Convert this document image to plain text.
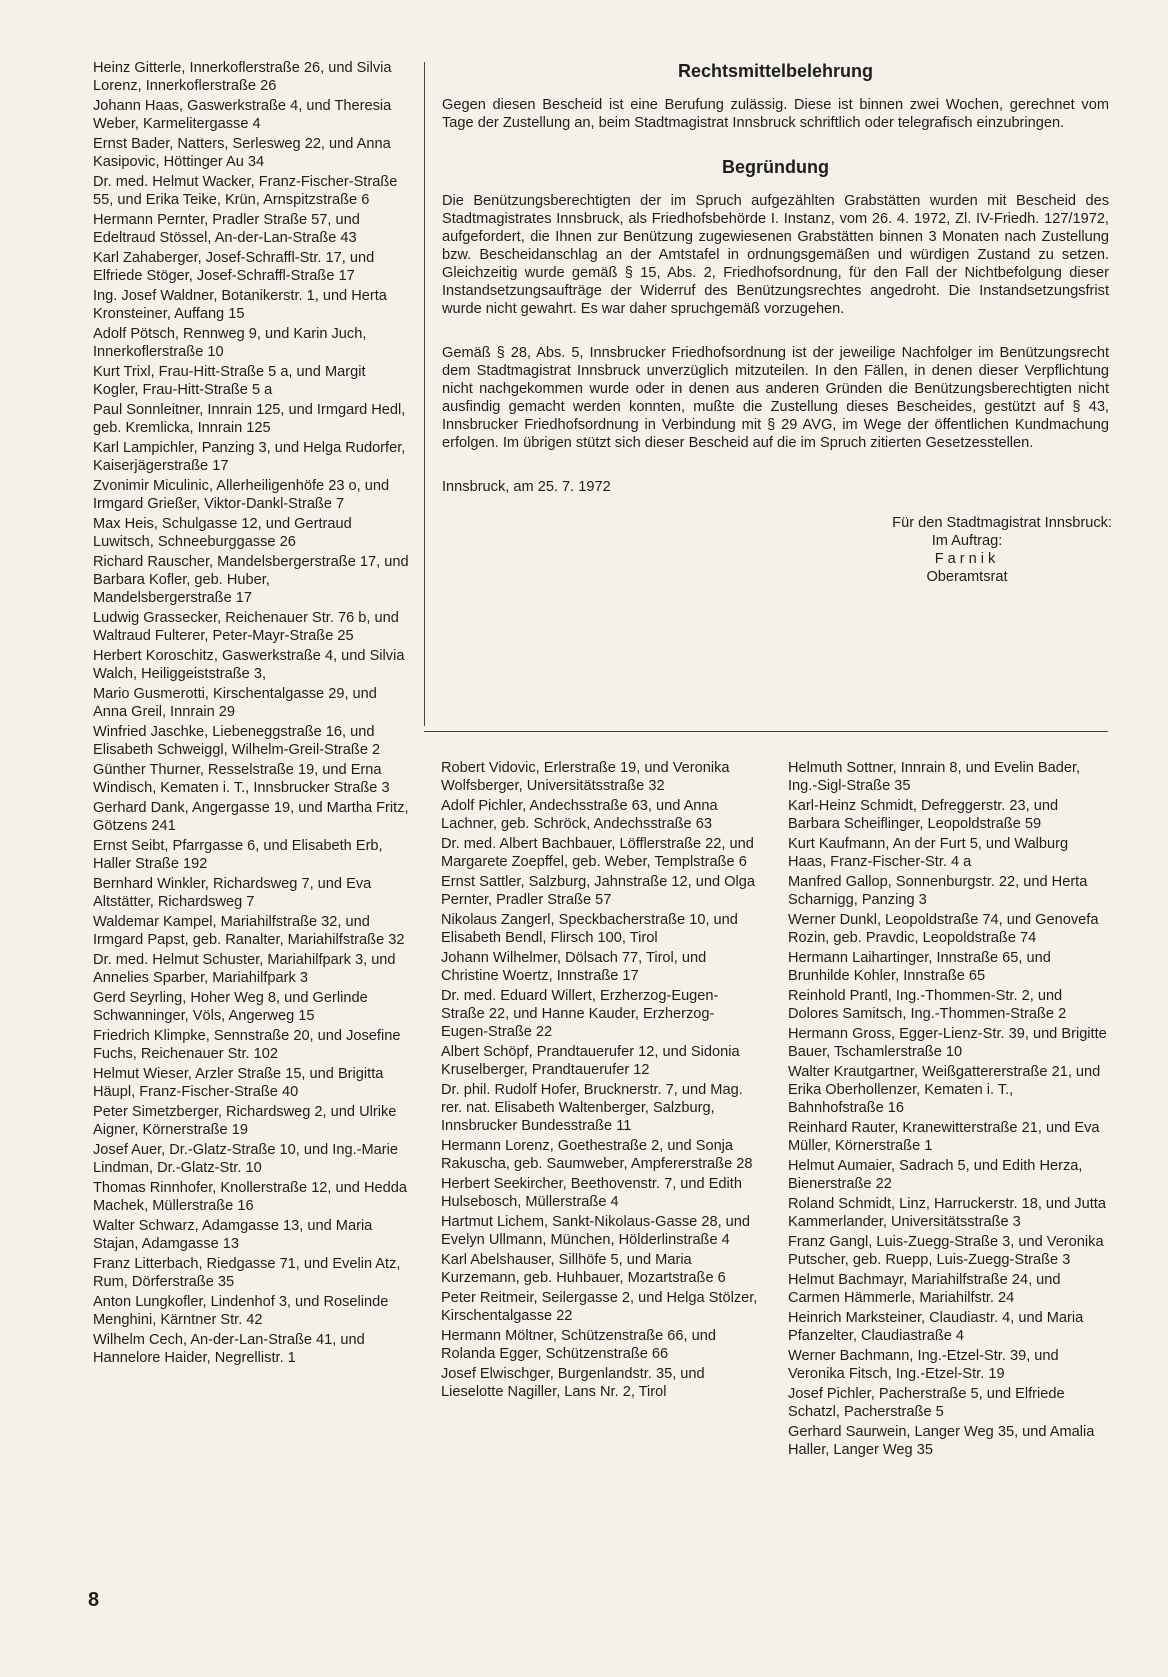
Heinz Gitterle, Innerkoflerstraße 26, und Silvia Lorenz, Innerkoflerstraße 26

Johann Haas, Gaswerkstraße 4, und Theresia Weber, Karmelitergasse 4

Ernst Bader, Natters, Serlesweg 22, und Anna Kasipovic, Höttinger Au 34

Dr. med. Helmut Wacker, Franz-Fischer-Straße 55, und Erika Teike, Krün, Arnspitzstraße 6

Hermann Pernter, Pradler Straße 57, und Edeltraud Stössel, An-der-Lan-Straße 43

Karl Zahaberger, Josef-Schraffl-Str. 17, und Elfriede Stöger, Josef-Schraffl-Straße 17

Ing. Josef Waldner, Botanikerstr. 1, und Herta Kronsteiner, Auffang 15

Adolf Pötsch, Rennweg 9, und Karin Juch, Innerkoflerstraße 10

Kurt Trixl, Frau-Hitt-Straße 5 a, und Margit Kogler, Frau-Hitt-Straße 5 a

Paul Sonnleitner, Innrain 125, und Irmgard Hedl, geb. Kremlicka, Innrain 125

Karl Lampichler, Panzing 3, und Helga Rudorfer, Kaiserjägerstraße 17

Zvonimir Miculinic, Allerheiligenhöfe 23 o, und Irmgard Grießer, Viktor-Dankl-Straße 7

Max Heis, Schulgasse 12, und Gertraud Luwitsch, Schneeburggasse 26

Richard Rauscher, Mandelsbergerstraße 17, und Barbara Kofler, geb. Huber, Mandelsbergerstraße 17

Ludwig Grassecker, Reichenauer Str. 76 b, und Waltraud Fulterer, Peter-Mayr-Straße 25

Herbert Koroschitz, Gaswerkstraße 4, und Silvia Walch, Heiliggeiststraße 3,

Mario Gusmerotti, Kirschentalgasse 29, und Anna Greil, Innrain 29

Winfried Jaschke, Liebeneggstraße 16, und Elisabeth Schweiggl, Wilhelm-Greil-Straße 2

Günther Thurner, Resselstraße 19, und Erna Windisch, Kematen i. T., Innsbrucker Straße 3

Gerhard Dank, Angergasse 19, und Martha Fritz, Götzens 241

Ernst Seibt, Pfarrgasse 6, und Elisabeth Erb, Haller Straße 192

Bernhard Winkler, Richardsweg 7, und Eva Altstätter, Richardsweg 7

Waldemar Kampel, Mariahilfstraße 32, und Irmgard Papst, geb. Ranalter, Mariahilfstraße 32

Dr. med. Helmut Schuster, Mariahilfpark 3, und Annelies Sparber, Mariahilfpark 3

Gerd Seyrling, Hoher Weg 8, und Gerlinde Schwanninger, Völs, Angerweg 15

Friedrich Klimpke, Sennstraße 20, und Josefine Fuchs, Reichenauer Str. 102

Helmut Wieser, Arzler Straße 15, und Brigitta Häupl, Franz-Fischer-Straße 40

Peter Simetzberger, Richardsweg 2, und Ulrike Aigner, Körnerstraße 19

Josef Auer, Dr.-Glatz-Straße 10, und Ing.-Marie Lindman, Dr.-Glatz-Str. 10

Thomas Rinnhofer, Knollerstraße 12, und Hedda Machek, Müllerstraße 16

Walter Schwarz, Adamgasse 13, und Maria Stajan, Adamgasse 13

Franz Litterbach, Riedgasse 71, und Evelin Atz, Rum, Dörferstraße 35

Anton Lungkofler, Lindenhof 3, und Roselinde Menghini, Kärntner Str. 42

Wilhelm Cech, An-der-Lan-Straße 41, und Hannelore Haider, Negrellistr. 1

Rechtsmittelbelehrung

Gegen diesen Bescheid ist eine Berufung zulässig. Diese ist binnen zwei Wochen, gerechnet vom Tage der Zustellung an, beim Stadtmagistrat Innsbruck schriftlich oder telegrafisch einzubringen.

Begründung

Die Benützungsberechtigten der im Spruch aufgezählten Grabstätten wurden mit Bescheid des Stadtmagistrates Innsbruck, als Friedhofsbehörde I. Instanz, vom 26. 4. 1972, Zl. IV-Friedh. 127/1972, aufgefordert, die Ihnen zur Benützung zugewiesenen Grabstätten binnen 3 Monaten nach Zustellung bzw. Bescheidanschlag an der Amtstafel in ordnungsgemäßen und würdigen Zustand zu setzen. Gleichzeitig wurde gemäß § 15, Abs. 2, Friedhofsordnung, für den Fall der Nichtbefolgung dieser Instandsetzungsaufträge der Widerruf des Benützungsrechtes angedroht. Die Instandsetzungsfrist wurde nicht gewahrt. Es war daher spruchgemäß vorzugehen.

Gemäß § 28, Abs. 5, Innsbrucker Friedhofsordnung ist der jeweilige Nachfolger im Benützungsrecht dem Stadtmagistrat Innsbruck unverzüglich mitzuteilen. In den Fällen, in denen dieser Verpflichtung nicht nachgekommen wurde oder in denen aus anderen Gründen die Benützungsberechtigten nicht ausfindig gemacht werden konnten, mußte die Zustellung dieses Bescheides, gestützt auf § 43, Innsbrucker Friedhofsordnung in Verbindung mit § 29 AVG, im Wege der öffentlichen Kundmachung erfolgen. Im übrigen stützt sich dieser Bescheid auf die im Spruch zitierten Gesetzesstellen.

Innsbruck, am 25. 7. 1972

Für den Stadtmagistrat Innsbruck:
Im Auftrag:
Farnik
Oberamtsrat

Robert Vidovic, Erlerstraße 19, und Veronika Wolfsberger, Universitätsstraße 32

Adolf Pichler, Andechsstraße 63, und Anna Lachner, geb. Schröck, Andechsstraße 63

Dr. med. Albert Bachbauer, Löfflerstraße 22, und Margarete Zoepffel, geb. Weber, Templstraße 6

Ernst Sattler, Salzburg, Jahnstraße 12, und Olga Pernter, Pradler Straße 57

Nikolaus Zangerl, Speckbacherstraße 10, und Elisabeth Bendl, Flirsch 100, Tirol

Johann Wilhelmer, Dölsach 77, Tirol, und Christine Woertz, Innstraße 17

Dr. med. Eduard Willert, Erzherzog-Eugen-Straße 22, und Hanne Kauder, Erzherzog-Eugen-Straße 22

Albert Schöpf, Prandtauerufer 12, und Sidonia Kruselberger, Prandtauerufer 12

Dr. phil. Rudolf Hofer, Brucknerstr. 7, und Mag. rer. nat. Elisabeth Waltenberger, Salzburg, Innsbrucker Bundesstraße 11

Hermann Lorenz, Goethestraße 2, und Sonja Rakuscha, geb. Saumweber, Ampfererstraße 28

Herbert Seekircher, Beethovenstr. 7, und Edith Hulsebosch, Müllerstraße 4

Hartmut Lichem, Sankt-Nikolaus-Gasse 28, und Evelyn Ullmann, München, Hölderlinstraße 4

Karl Abelshauser, Sillhöfe 5, und Maria Kurzemann, geb. Huhbauer, Mozartstraße 6

Peter Reitmeir, Seilergasse 2, und Helga Stölzer, Kirschentalgasse 22

Hermann Möltner, Schützenstraße 66, und Rolanda Egger, Schützenstraße 66

Josef Elwischger, Burgenlandstr. 35, und Lieselotte Nagiller, Lans Nr. 2, Tirol

Helmuth Sottner, Innrain 8, und Evelin Bader, Ing.-Sigl-Straße 35

Karl-Heinz Schmidt, Defreggerstr. 23, und Barbara Scheiflinger, Leopoldstraße 59

Kurt Kaufmann, An der Furt 5, und Walburg Haas, Franz-Fischer-Str. 4 a

Manfred Gallop, Sonnenburgstr. 22, und Herta Scharnigg, Panzing 3

Werner Dunkl, Leopoldstraße 74, und Genovefa Rozin, geb. Pravdic, Leopoldstraße 74

Hermann Laihartinger, Innstraße 65, und Brunhilde Kohler, Innstraße 65

Reinhold Prantl, Ing.-Thommen-Str. 2, und Dolores Samitsch, Ing.-Thommen-Straße 2

Hermann Gross, Egger-Lienz-Str. 39, und Brigitte Bauer, Tschamlerstraße 10

Walter Krautgartner, Weißgattererstraße 21, und Erika Oberhollenzer, Kematen i. T., Bahnhofstraße 16

Reinhard Rauter, Kranewitterstraße 21, und Eva Müller, Körnerstraße 1

Helmut Aumaier, Sadrach 5, und Edith Herza, Bienerstraße 22

Roland Schmidt, Linz, Harruckerstr. 18, und Jutta Kammerlander, Universitätsstraße 3

Franz Gangl, Luis-Zuegg-Straße 3, und Veronika Putscher, geb. Ruepp, Luis-Zuegg-Straße 3

Helmut Bachmayr, Mariahilfstraße 24, und Carmen Hämmerle, Mariahilfstr. 24

Heinrich Marksteiner, Claudiastr. 4, und Maria Pfanzelter, Claudiastraße 4

Werner Bachmann, Ing.-Etzel-Str. 39, und Veronika Fitsch, Ing.-Etzel-Str. 19

Josef Pichler, Pacherstraße 5, und Elfriede Schatzl, Pacherstraße 5

Gerhard Saurwein, Langer Weg 35, und Amalia Haller, Langer Weg 35

8
